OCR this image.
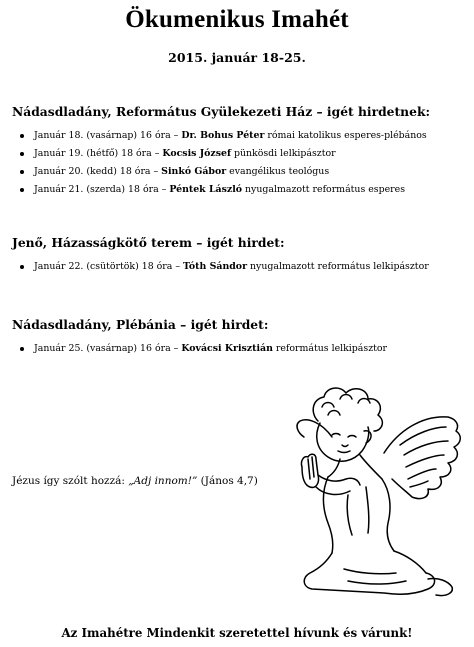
Ökumenikus Imahét
2015. január 18-25.
Nádasdladány, Református Gyülekezeti Ház – igét hirdetnek:
Január 18. (vasárnap) 16 óra – Dr. Bohus Péter római katolikus esperes-plébános
Január 19. (hétfő) 18 óra – Kocsis József pünkösdi lelkipásztor
Január 20. (kedd) 18 óra – Sinkó Gábor evangélikus teológus
Január 21. (szerda) 18 óra – Péntek László nyugalmazott református esperes
Jenő, Házasságkötő terem – igét hirdet:
Január 22. (csütörtök) 18 óra – Tóth Sándor nyugalmazott református lelkipásztor
Nádasdladány, Plébánia – igét hirdet:
Január 25. (vasárnap) 16 óra – Kovácsi Krisztián református lelkipásztor
Jézus így szólt hozzá: „Adj innom!” (János 4,7)
Az Imahétre Mindenkit szeretettel hívunk és várunk!
